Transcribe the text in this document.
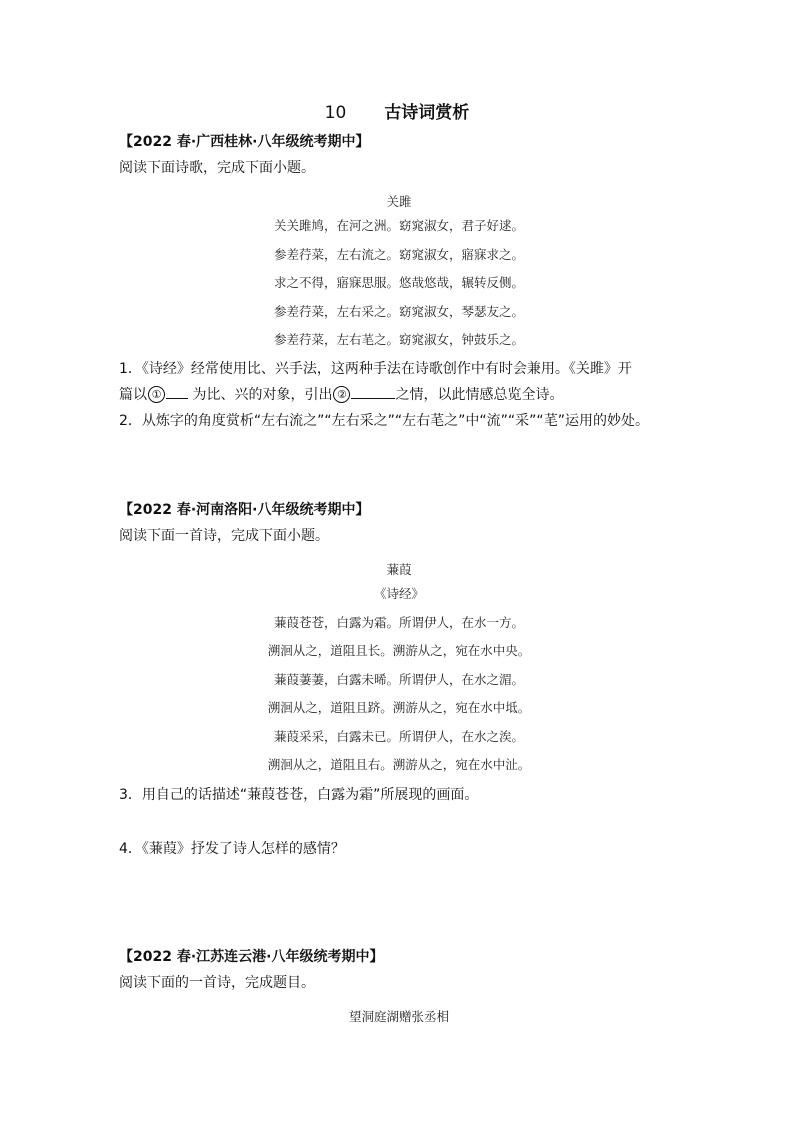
10 古诗词赏析
【2022 春·广西桂林·八年级统考期中】
阅读下面诗歌，完成下面小题。
关雎
关关雎鸠，在河之洲。窈窕淑女，君子好逑。
参差荇菜，左右流之。窈窕淑女，寤寐求之。
求之不得，寤寐思服。悠哉悠哉，辗转反侧。
参差荇菜，左右采之。窈窕淑女，琴瑟友之。
参差荇菜，左右芼之。窈窕淑女，钟鼓乐之。
1．《诗经》经常使用比、兴手法，这两种手法在诗歌创作中有时会兼用。《关雎》开
篇以 ① 为比、兴的对象，引出 ②	之情，以此情感总览全诗。
2．从炼字的角度赏析“左右流之”“左右采之”“左右芼之”中“流”“采”“芼”运用的妙处。
【2022 春·河南洛阳·八年级统考期中】
阅读下面一首诗，完成下面小题。
蒹葭
《诗经》
蒹葭苍苍，白露为霜。所谓伊人，在水一方。
溯洄从之，道阻且长。溯游从之，宛在水中央。
蒹葭萋萋，白露未晞。所谓伊人，在水之湄。
溯洄从之，道阻且跻。溯游从之，宛在水中坻。
蒹葭采采，白露未已。所谓伊人，在水之涘。
溯洄从之，道阻且右。溯游从之，宛在水中沚。
3．用自己的话描述“蒹葭苍苍，白露为霜”所展现的画面。
4．《蒹葭》抒发了诗人怎样的感情？
【2022 春·江苏连云港·八年级统考期中】
阅读下面的一首诗，完成题目。
望洞庭湖赠张丞相
